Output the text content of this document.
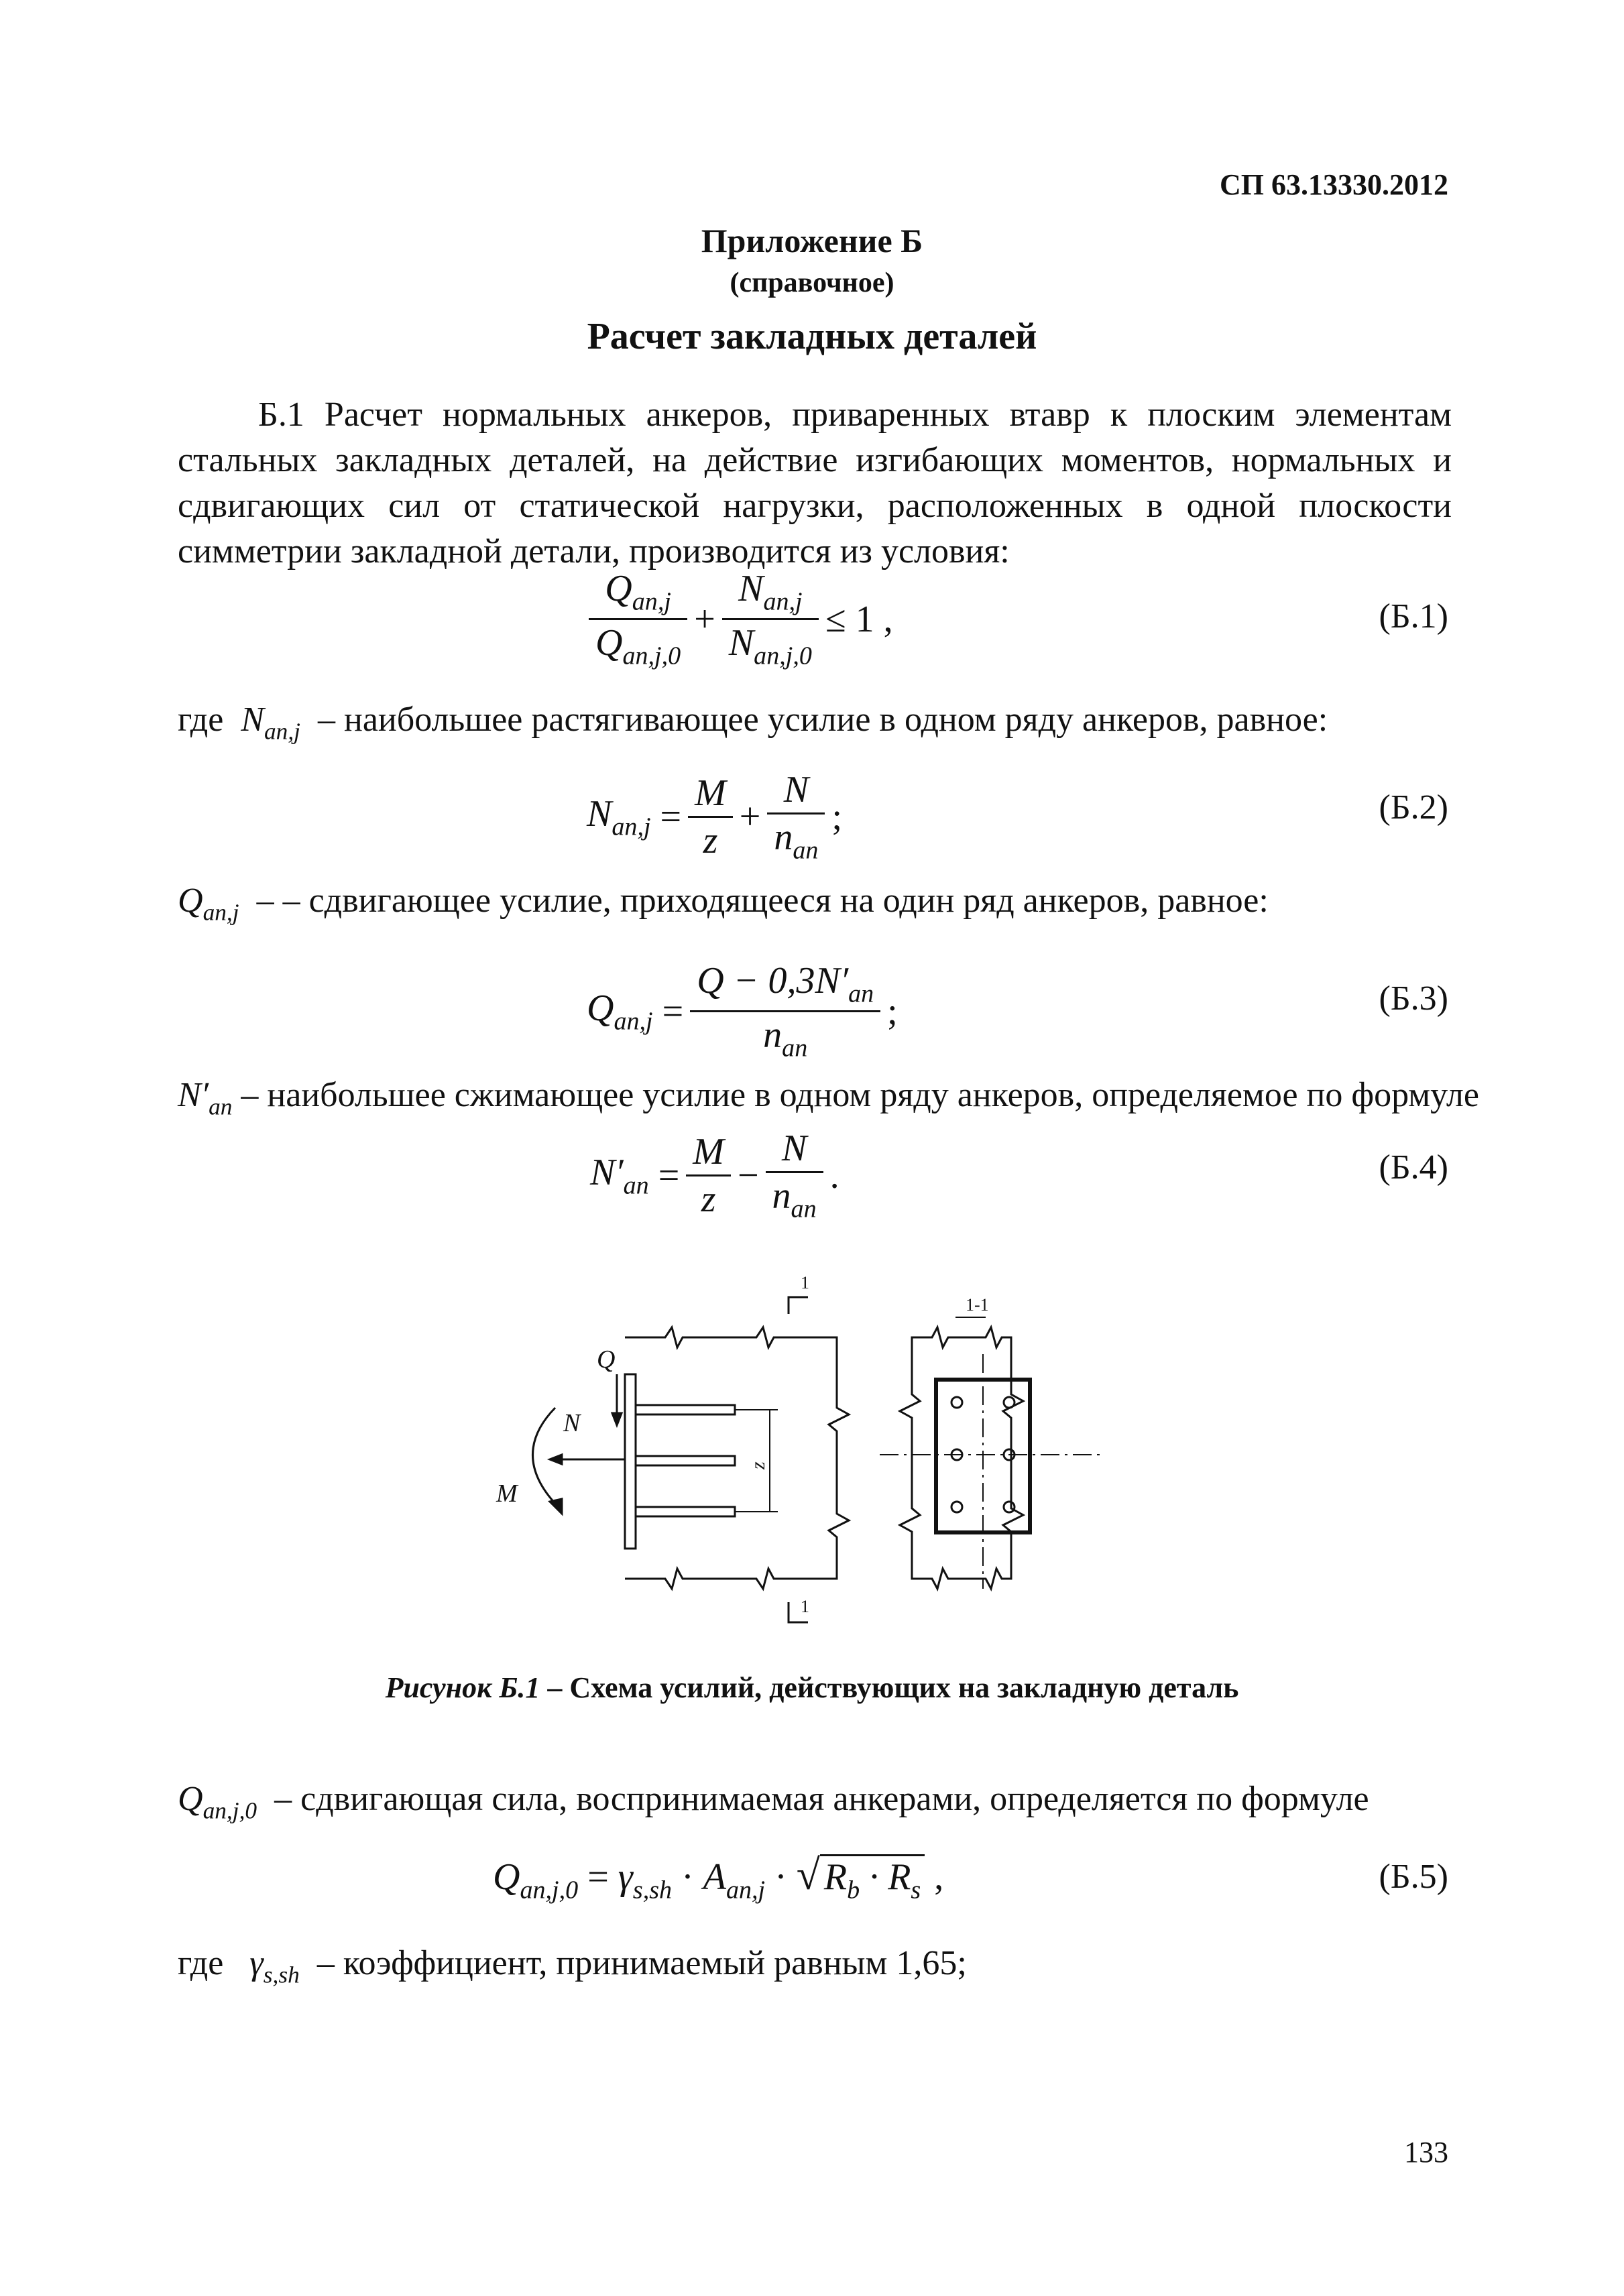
СП 63.13330.2012
Приложение Б
(справочное)
Расчет закладных деталей
Б.1 Расчет нормальных анкеров, приваренных втавр к плоским элементам
стальных закладных деталей, на действие изгибающих моментов, нормальных и
сдвигающих сил от статической нагрузки, расположенных в одной плоскости
симметрии закладной детали, производится из условия:
$\frac{Q_{an,j}}{Q_{an,j,0}} + \frac{N_{an,j}}{N_{an,j,0}} \le 1$ ,	(Б.1)
где  $N_{an,j}$ – наибольшее растягивающее усилие в одном ряду анкеров, равное:
$N_{an,j} = \frac{M}{z} + \frac{N}{n_{an}}$ ;	(Б.2)
$Q_{an,j}$ – – сдвигающее усилие, приходящееся на один ряд анкеров, равное:
$Q_{an,j} = \frac{Q - 0,3N'_{an}}{n_{an}}$ ;	(Б.3)
$N'_{an}$ – наибольшее сжимающее усилие в одном ряду анкеров, определяемое по формуле
$N'_{an} = \frac{M}{z} - \frac{N}{n_{an}}$ .	(Б.4)
Q
N
M
z
1
1
1-1
Рисунок Б.1 – Схема усилий, действующих на закладную деталь
$Q_{an,j,0}$ – сдвигающая сила, воспринимаемая анкерами, определяется по формуле
$Q_{an,j,0} = \gamma_{s,sh} \cdot A_{an,j}$ · √ $R_b \cdot R_s$ ,	(Б.5)
где   $\gamma_{s,sh}$ – коэффициент, принимаемый равным 1,65;
133
